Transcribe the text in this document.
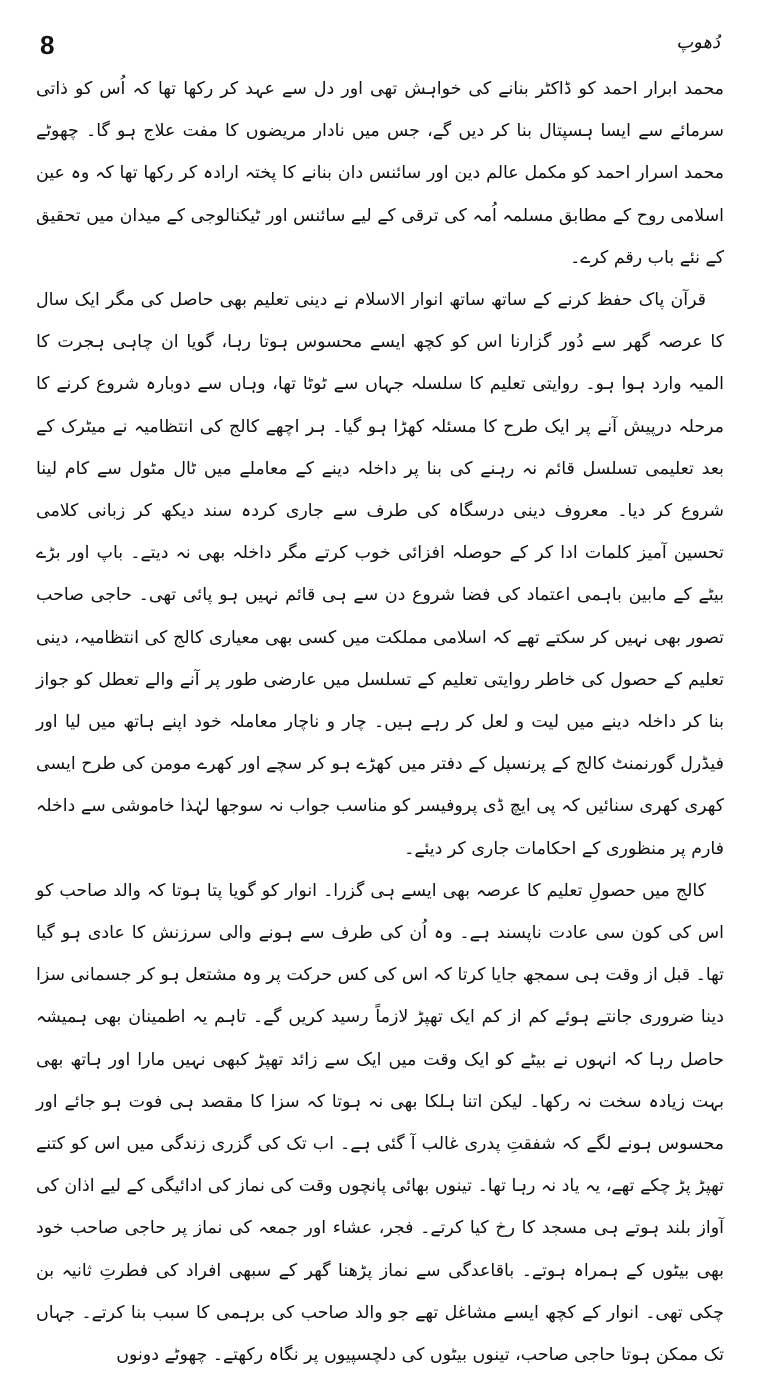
8	دُھوپ

محمد ابرار احمد کو ڈاکٹر بنانے کی خواہش تھی اور دل سے عہد کر رکھا تھا کہ اُس کو ذاتی سرمائے سے ایسا ہسپتال بنا کر دیں گے، جس میں نادار مریضوں کا مفت علاج ہو گا۔ چھوٹے محمد اسرار احمد کو مکمل عالم دین اور سائنس دان بنانے کا پختہ ارادہ کر رکھا تھا کہ وہ عین اسلامی روح کے مطابق مسلمہ اُمہ کی ترقی کے لیے سائنس اور ٹیکنالوجی کے میدان میں تحقیق کے نئے باب رقم کرے۔

قرآن پاک حفظ کرنے کے ساتھ ساتھ انوار الاسلام نے دینی تعلیم بھی حاصل کی مگر ایک سال کا عرصہ گھر سے دُور گزارنا اس کو کچھ ایسے محسوس ہوتا رہا، گویا ان چاہی ہجرت کا المیہ وارد ہوا ہو۔ روایتی تعلیم کا سلسلہ جہاں سے ٹوٹا تھا، وہاں سے دوبارہ شروع کرنے کا مرحلہ درپیش آنے پر ایک طرح کا مسئلہ کھڑا ہو گیا۔ ہر اچھے کالج کی انتظامیہ نے میٹرک کے بعد تعلیمی تسلسل قائم نہ رہنے کی بنا پر داخلہ دینے کے معاملے میں ٹال مٹول سے کام لینا شروع کر دیا۔ معروف دینی درسگاہ کی طرف سے جاری کردہ سند دیکھ کر زبانی کلامی تحسین آمیز کلمات ادا کر کے حوصلہ افزائی خوب کرتے مگر داخلہ بھی نہ دیتے۔ باپ اور بڑے بیٹے کے مابین باہمی اعتماد کی فضا شروع دن سے ہی قائم نہیں ہو پائی تھی۔ حاجی صاحب تصور بھی نہیں کر سکتے تھے کہ اسلامی مملکت میں کسی بھی معیاری کالج کی انتظامیہ، دینی تعلیم کے حصول کی خاطر روایتی تعلیم کے تسلسل میں عارضی طور پر آنے والے تعطل کو جواز بنا کر داخلہ دینے میں لیت و لعل کر رہے ہیں۔ چار و ناچار معاملہ خود اپنے ہاتھ میں لیا اور فیڈرل گورنمنٹ کالج کے پرنسپل کے دفتر میں کھڑے ہو کر سچے اور کھرے مومن کی طرح ایسی کھری کھری سنائیں کہ پی ایچ ڈی پروفیسر کو مناسب جواب نہ سوجھا لہٰذا خاموشی سے داخلہ فارم پر منظوری کے احکامات جاری کر دیئے۔

کالج میں حصولِ تعلیم کا عرصہ بھی ایسے ہی گزرا۔ انوار کو گویا پتا ہوتا کہ والد صاحب کو اس کی کون سی عادت ناپسند ہے۔ وہ اُن کی طرف سے ہونے والی سرزنش کا عادی ہو گیا تھا۔ قبل از وقت ہی سمجھ جایا کرتا کہ اس کی کس حرکت پر وہ مشتعل ہو کر جسمانی سزا دینا ضروری جانتے ہوئے کم از کم ایک تھپڑ لازماً رسید کریں گے۔ تاہم یہ اطمینان بھی ہمیشہ حاصل رہا کہ انہوں نے بیٹے کو ایک وقت میں ایک سے زائد تھپڑ کبھی نہیں مارا اور ہاتھ بھی بہت زیادہ سخت نہ رکھا۔ لیکن اتنا ہلکا بھی نہ ہوتا کہ سزا کا مقصد ہی فوت ہو جائے اور محسوس ہونے لگے کہ شفقتِ پدری غالب آ گئی ہے۔ اب تک کی گزری زندگی میں اس کو کتنے تھپڑ پڑ چکے تھے، یہ یاد نہ رہا تھا۔ تینوں بھائی پانچوں وقت کی نماز کی ادائیگی کے لیے اذان کی آواز بلند ہوتے ہی مسجد کا رخ کیا کرتے۔ فجر، عشاء اور جمعہ کی نماز پر حاجی صاحب خود بھی بیٹوں کے ہمراہ ہوتے۔ باقاعدگی سے نماز پڑھنا گھر کے سبھی افراد کی فطرتِ ثانیہ بن چکی تھی۔ انوار کے کچھ ایسے مشاغل تھے جو والد صاحب کی برہمی کا سبب بنا کرتے۔ جہاں تک ممکن ہوتا حاجی صاحب، تینوں بیٹوں کی دلچسپیوں پر نگاہ رکھتے۔ چھوٹے دونوں
